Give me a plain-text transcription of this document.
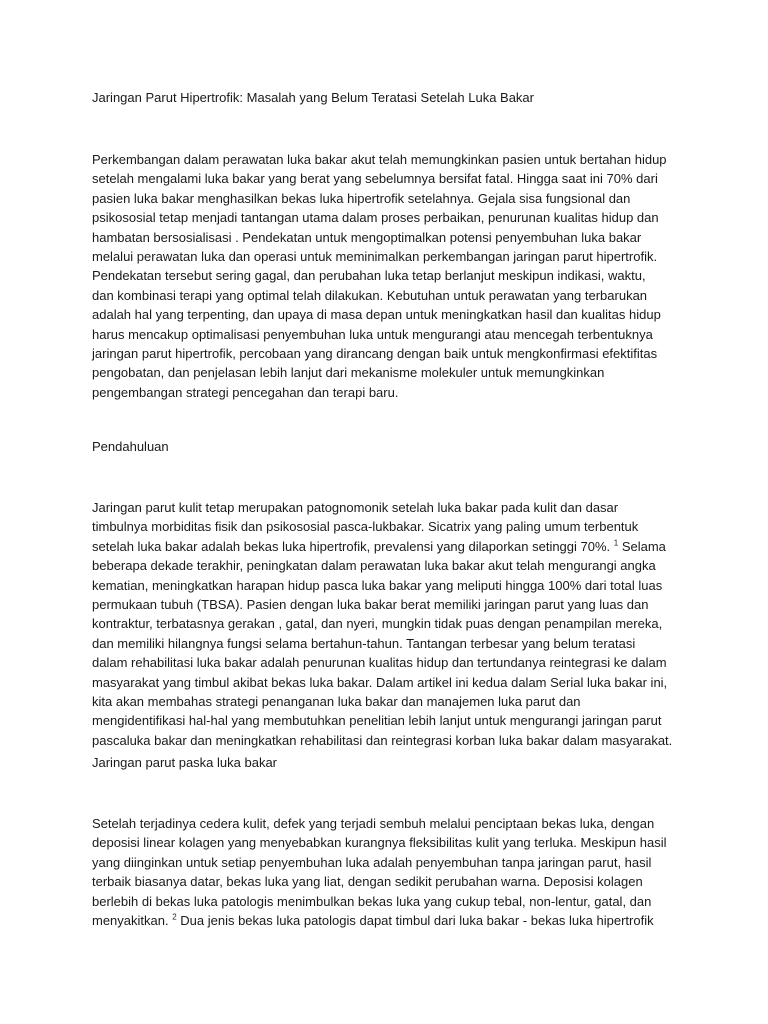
Jaringan Parut Hipertrofik: Masalah yang Belum Teratasi Setelah Luka Bakar

Perkembangan dalam perawatan luka bakar akut telah memungkinkan pasien untuk bertahan hidup
setelah mengalami luka bakar yang berat yang sebelumnya bersifat fatal. Hingga saat ini 70% dari
pasien luka bakar menghasilkan bekas luka hipertrofik setelahnya. Gejala sisa fungsional dan
psikososial tetap menjadi tantangan utama dalam proses perbaikan, penurunan kualitas hidup dan
hambatan bersosialisasi . Pendekatan untuk mengoptimalkan potensi penyembuhan luka bakar
melalui perawatan luka dan operasi untuk meminimalkan perkembangan jaringan parut hipertrofik.
Pendekatan tersebut sering gagal, dan perubahan luka tetap berlanjut meskipun indikasi, waktu,
dan kombinasi terapi yang optimal telah dilakukan. Kebutuhan untuk perawatan yang terbarukan
adalah hal yang terpenting, dan upaya di masa depan untuk meningkatkan hasil dan kualitas hidup
harus mencakup optimalisasi penyembuhan luka untuk mengurangi atau mencegah terbentuknya
jaringan parut hipertrofik, percobaan yang dirancang dengan baik untuk mengkonfirmasi efektifitas
pengobatan, dan penjelasan lebih lanjut dari mekanisme molekuler untuk memungkinkan
pengembangan strategi pencegahan dan terapi baru.

Pendahuluan

Jaringan parut kulit tetap merupakan patognomonik setelah luka bakar pada kulit dan dasar
timbulnya morbiditas fisik dan psikososial pasca-lukbakar. Sicatrix yang paling umum terbentuk
setelah luka bakar adalah bekas luka hipertrofik, prevalensi yang dilaporkan setinggi 70%. $^1$ Selama
beberapa dekade terakhir, peningkatan dalam perawatan luka bakar akut telah mengurangi angka
kematian, meningkatkan harapan hidup pasca luka bakar yang meliputi hingga 100% dari total luas
permukaan tubuh (TBSA). Pasien dengan luka bakar berat memiliki jaringan parut yang luas dan
kontraktur, terbatasnya gerakan , gatal, dan nyeri, mungkin tidak puas dengan penampilan mereka,
dan memiliki hilangnya fungsi selama bertahun-tahun. Tantangan terbesar yang belum teratasi
dalam rehabilitasi luka bakar adalah penurunan kualitas hidup dan tertundanya reintegrasi ke dalam
masyarakat yang timbul akibat bekas luka bakar. Dalam artikel ini kedua dalam Serial luka bakar ini,
kita akan membahas strategi penanganan luka bakar dan manajemen luka parut dan
mengidentifikasi hal-hal yang membutuhkan penelitian lebih lanjut untuk mengurangi jaringan parut
pascaluka bakar dan meningkatkan rehabilitasi dan reintegrasi korban luka bakar dalam masyarakat.

Jaringan parut paska luka bakar

Setelah terjadinya cedera kulit, defek yang terjadi sembuh melalui penciptaan bekas luka, dengan
deposisi linear kolagen yang menyebabkan kurangnya fleksibilitas kulit yang terluka. Meskipun hasil
yang diinginkan untuk setiap penyembuhan luka adalah penyembuhan tanpa jaringan parut, hasil
terbaik biasanya datar, bekas luka yang liat, dengan sedikit perubahan warna. Deposisi kolagen
berlebih di bekas luka patologis menimbulkan bekas luka yang cukup tebal, non-lentur, gatal, dan
menyakitkan. $^2$ Dua jenis bekas luka patologis dapat timbul dari luka bakar - bekas luka hipertrofik
